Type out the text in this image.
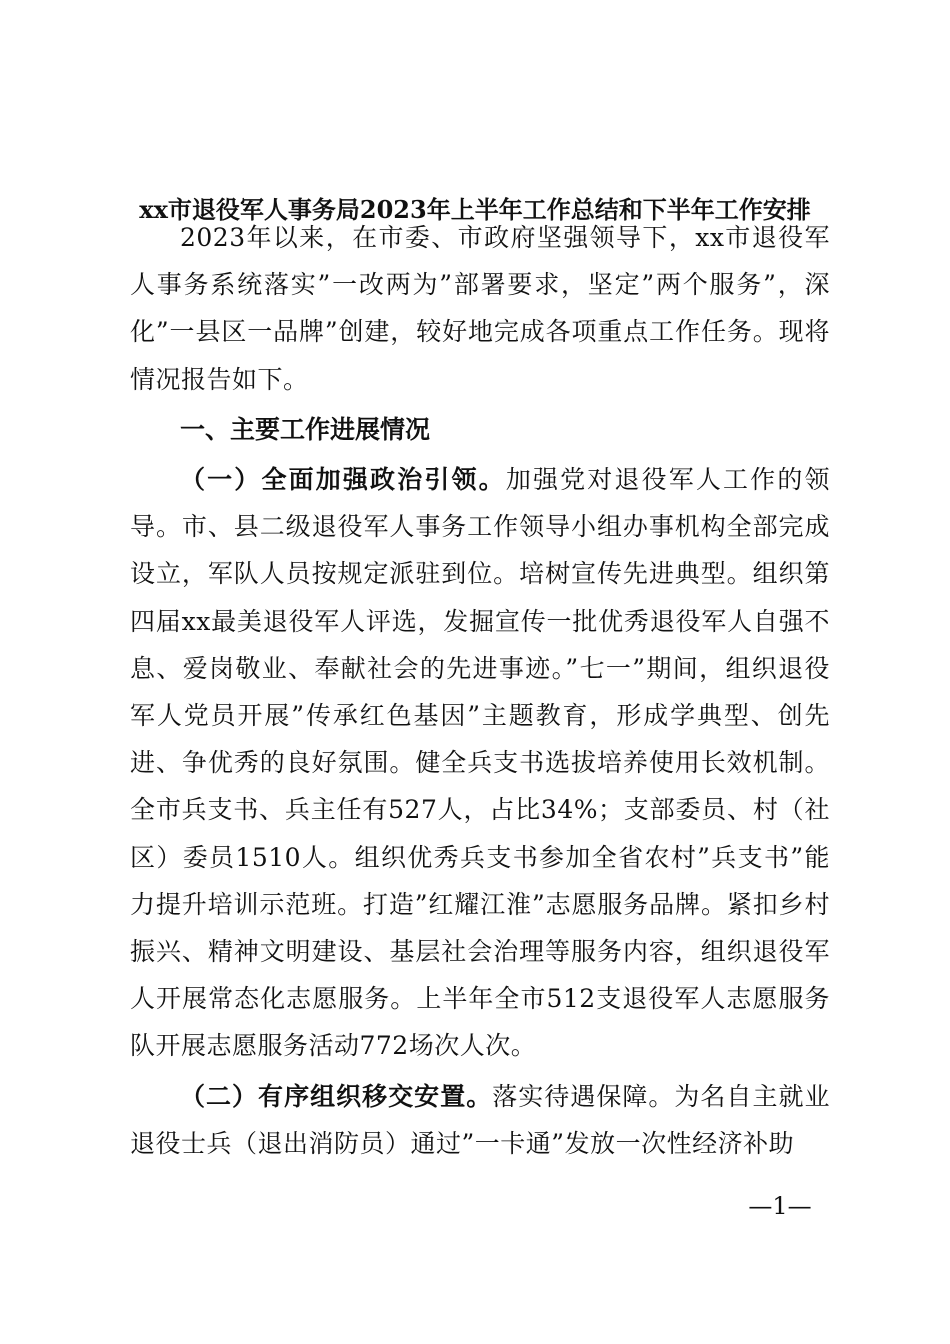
xx市退役军人事务局2023年上半年工作总结和下半年工作安排

2023年以来，在市委、市政府坚强领导下，xx市退役军人事务系统落实”一改两为”部署要求，坚定”两个服务”，深化”一县区一品牌”创建，较好地完成各项重点工作任务。现将情况报告如下。

一、主要工作进展情况

（一）全面加强政治引领。加强党对退役军人工作的领导。市、县二级退役军人事务工作领导小组办事机构全部完成设立，军队人员按规定派驻到位。培树宣传先进典型。组织第四届xx最美退役军人评选，发掘宣传一批优秀退役军人自强不息、爱岗敬业、奉献社会的先进事迹。”七一”期间，组织退役军人党员开展”传承红色基因”主题教育，形成学典型、创先进、争优秀的良好氛围。健全兵支书选拔培养使用长效机制。全市兵支书、兵主任有527人，占比34%；支部委员、村（社区）委员1510人。组织优秀兵支书参加全省农村”兵支书”能力提升培训示范班。打造”红耀江淮”志愿服务品牌。紧扣乡村振兴、精神文明建设、基层社会治理等服务内容，组织退役军人开展常态化志愿服务。上半年全市512支退役军人志愿服务队开展志愿服务活动772场次人次。

（二）有序组织移交安置。落实待遇保障。为名自主就业退役士兵（退出消防员）通过”一卡通”发放一次性经济补助

—1—
